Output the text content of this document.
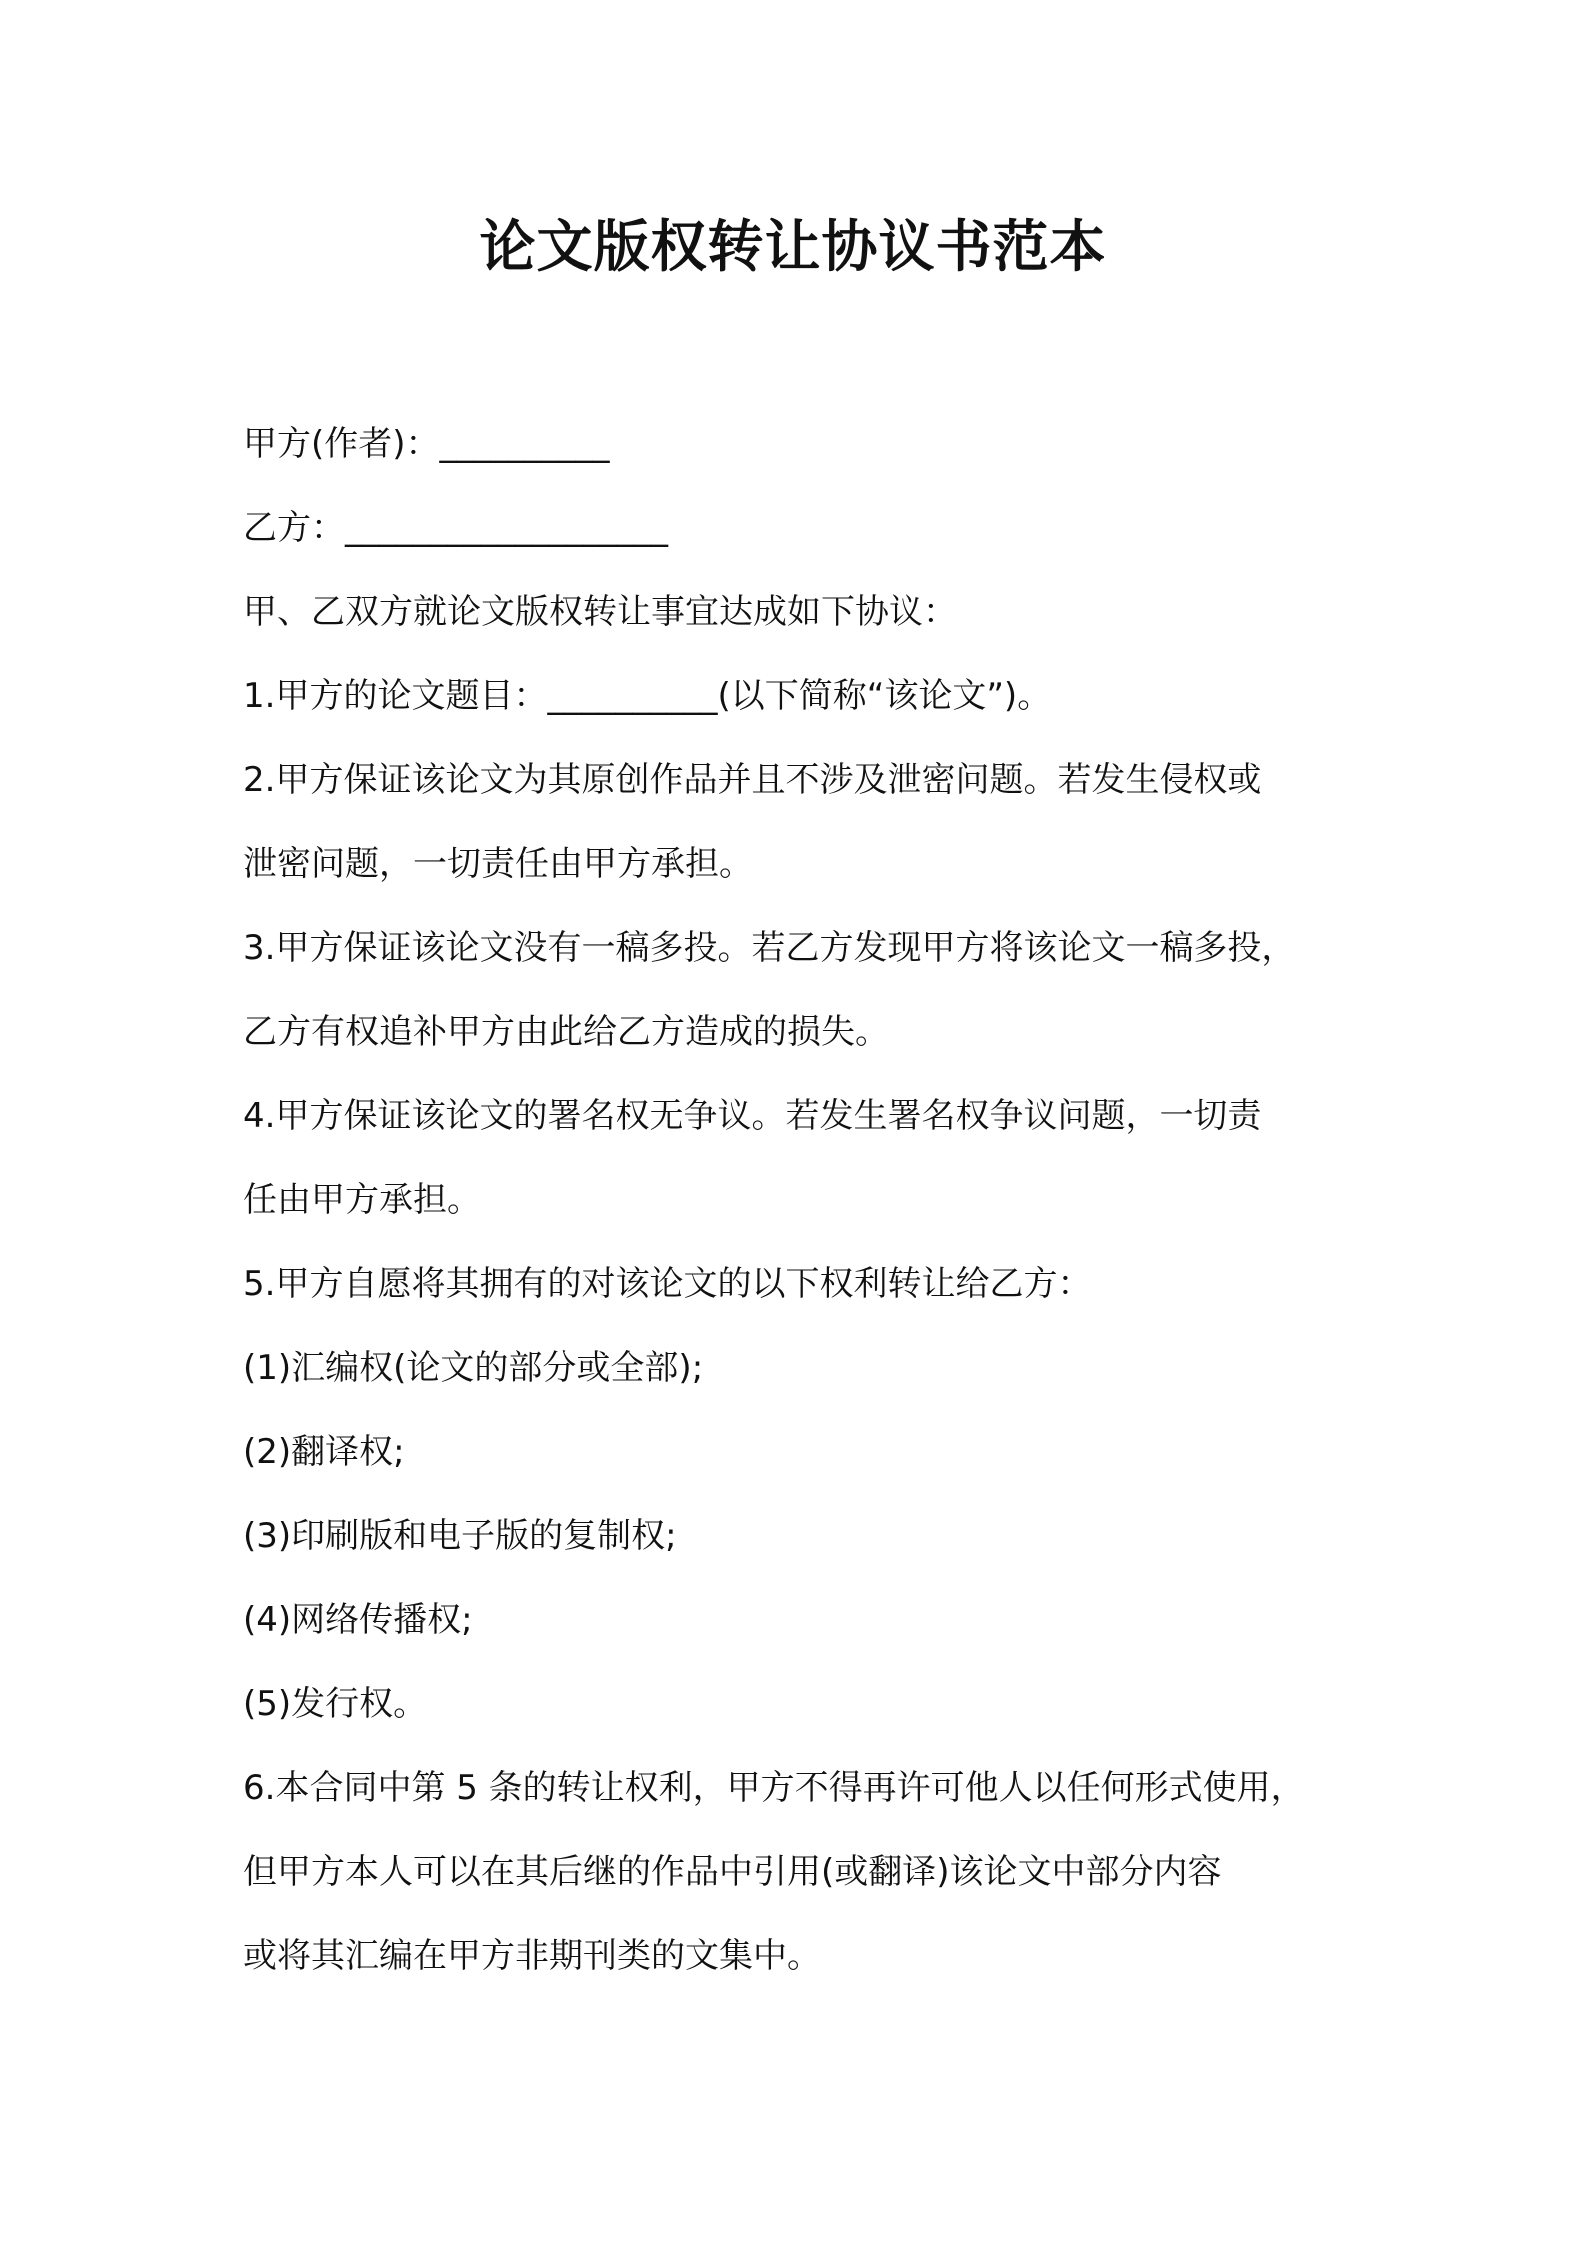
论文版权转让协议书范本
甲方(作者)：__________
乙方：___________________
甲、乙双方就论文版权转让事宜达成如下协议：
1.甲方的论文题目：__________(以下简称“该论文”)。
2.甲方保证该论文为其原创作品并且不涉及泄密问题。若发生侵权或
泄密问题，一切责任由甲方承担。
3.甲方保证该论文没有一稿多投。若乙方发现甲方将该论文一稿多投，
乙方有权追补甲方由此给乙方造成的损失。
4.甲方保证该论文的署名权无争议。若发生署名权争议问题，一切责
任由甲方承担。
5.甲方自愿将其拥有的对该论文的以下权利转让给乙方：
(1)汇编权(论文的部分或全部);
(2)翻译权;
(3)印刷版和电子版的复制权;
(4)网络传播权;
(5)发行权。
6.本合同中第 5 条的转让权利，甲方不得再许可他人以任何形式使用，
但甲方本人可以在其后继的作品中引用(或翻译)该论文中部分内容
或将其汇编在甲方非期刊类的文集中。
